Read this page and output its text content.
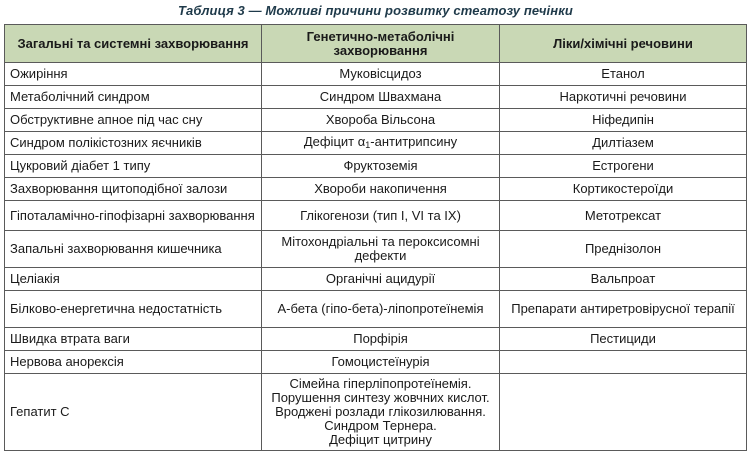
Таблиця 3 — Можливі причини розвитку стеатозу печінки
Загальні та системні захворювання	Генетично-метаболічні захворювання	Ліки/хімічні речовини
Ожиріння	Муковісцидоз	Етанол
Метаболічний синдром	Синдром Швахмана	Наркотичні речовини
Обструктивне апное під час сну	Хвороба Вільсона	Ніфедипін
Синдром полікістозних яєчників	Дефіцит $\alpha_1$-антитрипсину	Дилтіазем
Цукровий діабет 1 типу	Фруктоземія	Естрогени
Захворювання щитоподібної залози	Хвороби накопичення	Кортикостероїди
Гіпоталамічно-гіпофізарні захворювання	Глікогенози (тип I, VI та IX)	Метотрексат
Запальні захворювання кишечника	Мітохондріальні та пероксисомні дефекти	Преднізолон
Целіакія	Органічні ацидурії	Вальпроат
Білково-енергетична недостатність	А-бета (гіпо-бета)-ліпопротеїнемія	Препарати антиретровірусної терапії
Швидка втрата ваги	Порфірія	Пестициди
Нервова анорексія	Гомоцистеїнурія	
Гепатит С	Сімейна гіперліпопротеїнемія.
Порушення синтезу жовчних кислот.
Вроджені розлади глікозилювання.
Синдром Тернера.
Дефіцит цитрину	
